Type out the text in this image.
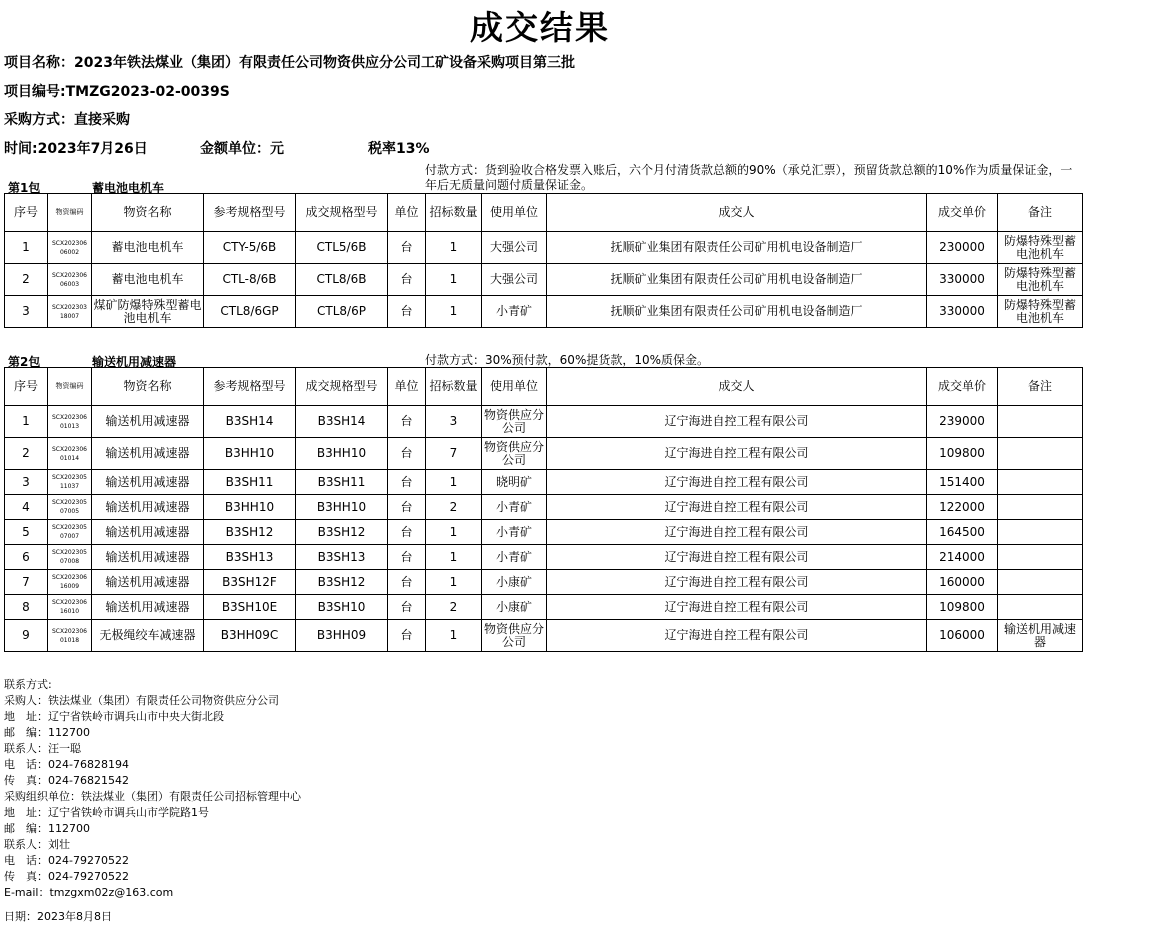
成交结果
项目名称：2023年铁法煤业（集团）有限责任公司物资供应分公司工矿设备采购项目第三批
项目编号:TMZG2023-02-0039S
采购方式：直接采购
时间:2023年7月26日	金额单位：元	税率13%
第1包	蓄电池电机车
付款方式：货到验收合格发票入账后，六个月付清货款总额的90%（承兑汇票），预留货款总额的10%作为质量保证金，一年后无质量问题付质量保证金。
序号	物资编码	物资名称	参考规格型号	成交规格型号	单位	招标数量	使用单位	成交人	成交单价	备注
1	SCX202306 06002	蓄电池电机车	CTY-5/6B	CTL5/6B	台	1	大强公司	抚顺矿业集团有限责任公司矿用机电设备制造厂	230000	防爆特殊型蓄电池机车
2	SCX202306 06003	蓄电池电机车	CTL-8/6B	CTL8/6B	台	1	大强公司	抚顺矿业集团有限责任公司矿用机电设备制造厂	330000	防爆特殊型蓄电池机车
3	SCX202303 18007	煤矿防爆特殊型蓄电池电机车	CTL8/6GP	CTL8/6P	台	1	小青矿	抚顺矿业集团有限责任公司矿用机电设备制造厂	330000	防爆特殊型蓄电池机车
第2包	输送机用减速器	付款方式：30%预付款，60%提货款，10%质保金。
序号	物资编码	物资名称	参考规格型号	成交规格型号	单位	招标数量	使用单位	成交人	成交单价	备注
1	SCX202306 01013	输送机用减速器	B3SH14	B3SH14	台	3	物资供应分公司	辽宁海进自控工程有限公司	239000	
2	SCX202306 01014	输送机用减速器	B3HH10	B3HH10	台	7	物资供应分公司	辽宁海进自控工程有限公司	109800	
3	SCX202305 11037	输送机用减速器	B3SH11	B3SH11	台	1	晓明矿	辽宁海进自控工程有限公司	151400	
4	SCX202305 07005	输送机用减速器	B3HH10	B3HH10	台	2	小青矿	辽宁海进自控工程有限公司	122000	
5	SCX202305 07007	输送机用减速器	B3SH12	B3SH12	台	1	小青矿	辽宁海进自控工程有限公司	164500	
6	SCX202305 07008	输送机用减速器	B3SH13	B3SH13	台	1	小青矿	辽宁海进自控工程有限公司	214000	
7	SCX202306 16009	输送机用减速器	B3SH12F	B3SH12	台	1	小康矿	辽宁海进自控工程有限公司	160000	
8	SCX202306 16010	输送机用减速器	B3SH10E	B3SH10	台	2	小康矿	辽宁海进自控工程有限公司	109800	
9	SCX202306 01018	无极绳绞车减速器	B3HH09C	B3HH09	台	1	物资供应分公司	辽宁海进自控工程有限公司	106000	输送机用减速器
联系方式:
采购人：铁法煤业（集团）有限责任公司物资供应分公司
地　址：辽宁省铁岭市调兵山市中央大街北段
邮　编：112700
联系人：汪一聪
电　话：024-76828194
传　真：024-76821542
采购组织单位：铁法煤业（集团）有限责任公司招标管理中心
地　址：辽宁省铁岭市调兵山市学院路1号
邮　编：112700
联系人：刘壮
电　话：024-79270522
传　真：024-79270522
E-mail：tmzgxm02z@163.com
日期：2023年8月8日
